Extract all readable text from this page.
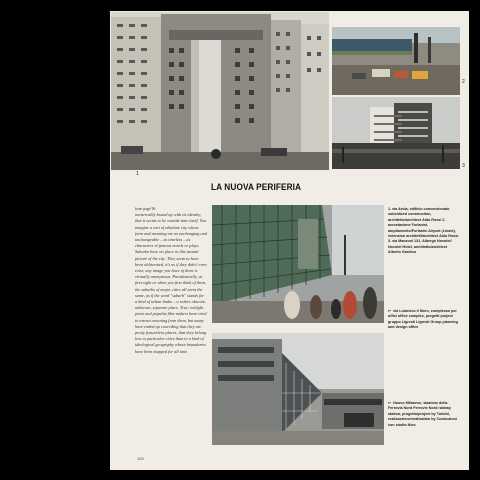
1
2
3
LA NUOVA PERIFERIA
from page 96
inextricably bound up with its identity, that it seems to lie outside time itself. You imagine a sort of absolute city whose form and meaning are as unchanging and unchangeable – as timeless – as characters in famous novels or plays. Suburbs have no place in this mental picture of the city. They seem to have been obliterated, it's as if they didn't even exist; any image you have of them is virtually anonymous. Paradoxically, at first sight or when you first think of them, the suburbs of major cities all seem the same, as if the word "suburb" stands for a kind of urban limbo – a rather obscure, unknown, separate place. True, twilight poets and populist film-makers have tried to extract meaning from them, but many have ended up conceding that they are pretty featureless places, that they belong less to particular cities than to a kind of ideological geography whose boundaries have been mapped for all time.
1. via Arola, edificio convenzionato subsidized construction, architetto/architect Aldo Rossi 2. aerostazione Forlanini, ampliamento/Forlanini Airport (Linate), extension architetti/architect Aldo Rossi 3. via Manzoni 131, Albergo Novotel/ Novotel Hotel, architetto/architect Alberto Gardino
↩ via Lodovico il Moro, complesso per uffici office complex, progetti project gruppo Ligresti Ligresti Group planning and design office
↩ Nuovo Milanese, stazione della Ferrovia Nord Ferrovie Nord railway station, progetto/project by Turbini, realizzazione/realisation by Costruzioni con studio Nico
100
